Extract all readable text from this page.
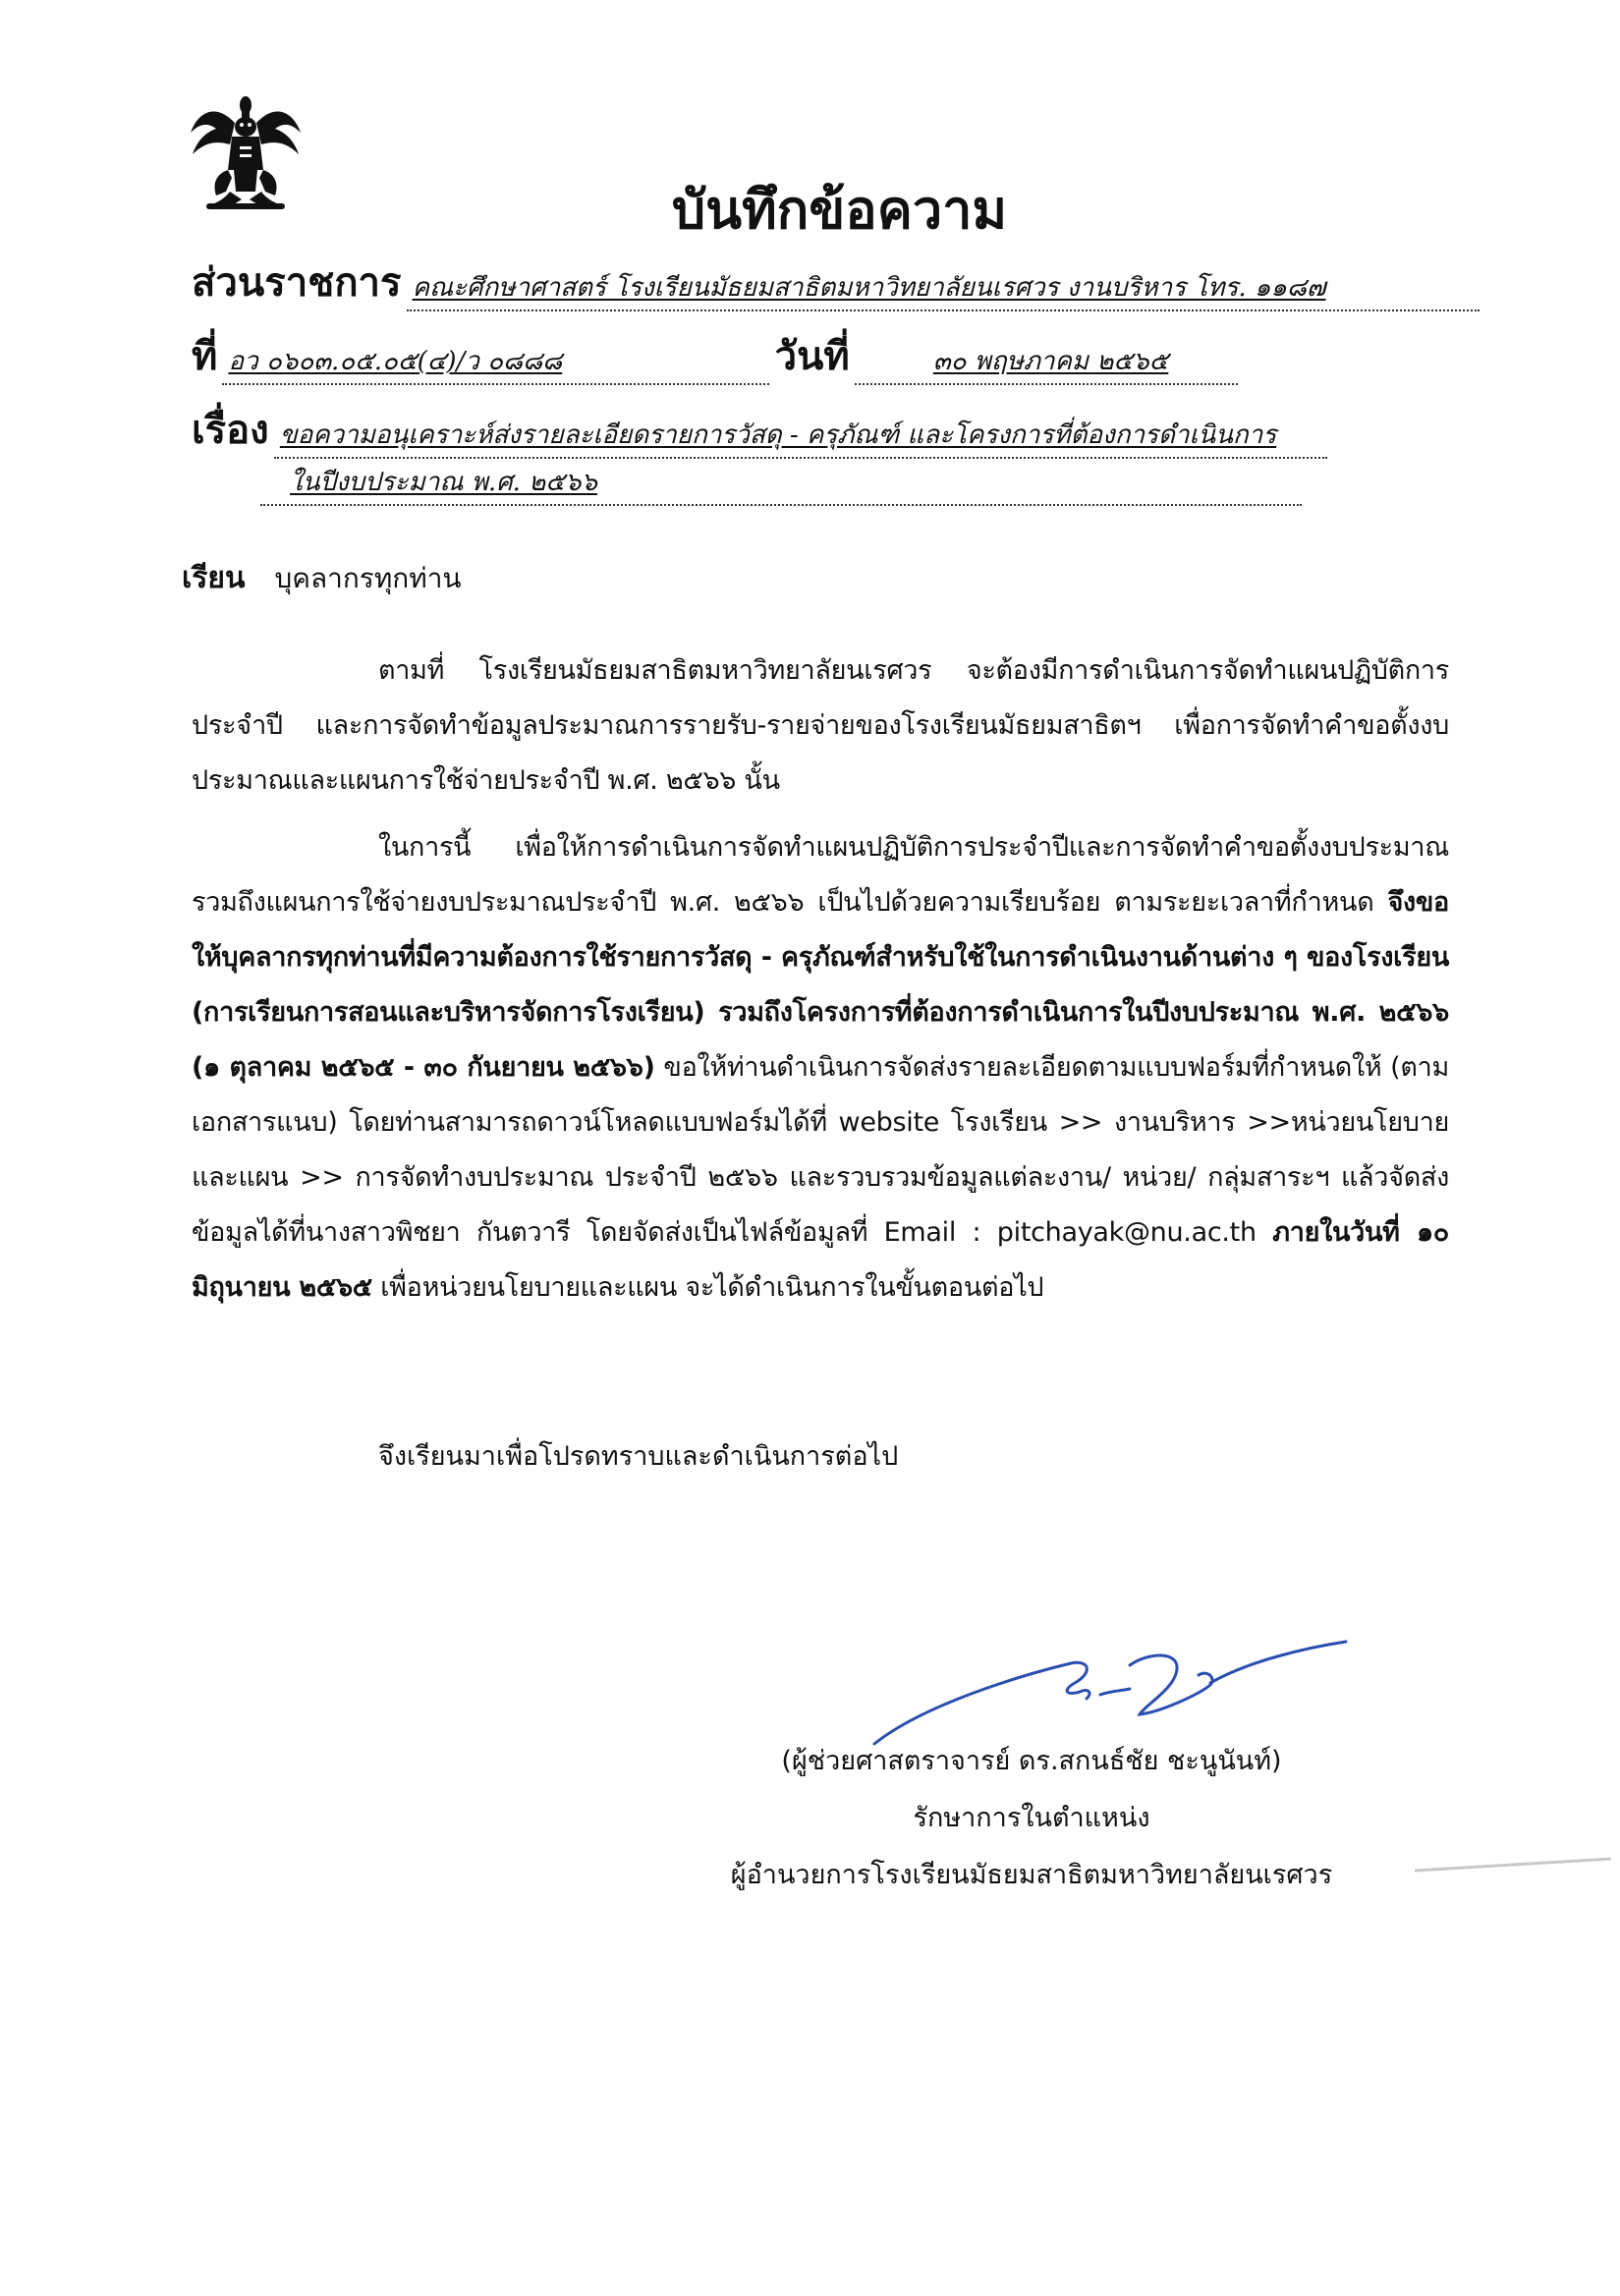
บันทึกข้อความ
ส่วนราชการ คณะศึกษาศาสตร์ โรงเรียนมัธยมสาธิตมหาวิทยาลัยนเรศวร งานบริหาร โทร. ๑๑๘๗
ที่ อว ๐๖๐๓.๐๕.๐๕(๔)/ว ๐๘๘๘	วันที่	๓๐ พฤษภาคม ๒๕๖๕
เรื่อง ขอความอนุเคราะห์ส่งรายละเอียดรายการวัสดุ - ครุภัณฑ์ และโครงการที่ต้องการดำเนินการ
ในปีงบประมาณ พ.ศ. ๒๕๖๖
เรียน บุคลากรทุกท่าน
ตามที่ โรงเรียนมัธยมสาธิตมหาวิทยาลัยนเรศวร จะต้องมีการดำเนินการจัดทำแผนปฏิบัติการประจำปี และการจัดทำข้อมูลประมาณการรายรับ-รายจ่ายของโรงเรียนมัธยมสาธิตฯ เพื่อการจัดทำคำขอตั้งงบประมาณและแผนการใช้จ่ายประจำปี พ.ศ. ๒๕๖๖ นั้น
ในการนี้ เพื่อให้การดำเนินการจัดทำแผนปฏิบัติการประจำปีและการจัดทำคำขอตั้งงบประมาณรวมถึงแผนการใช้จ่ายงบประมาณประจำปี พ.ศ. ๒๕๖๖ เป็นไปด้วยความเรียบร้อย ตามระยะเวลาที่กำหนด จึงขอให้บุคลากรทุกท่านที่มีความต้องการใช้รายการวัสดุ - ครุภัณฑ์สำหรับใช้ในการดำเนินงานด้านต่าง ๆ ของโรงเรียน (การเรียนการสอนและบริหารจัดการโรงเรียน) รวมถึงโครงการที่ต้องการดำเนินการในปีงบประมาณ พ.ศ. ๒๕๖๖ (๑ ตุลาคม ๒๕๖๕ - ๓๐ กันยายน ๒๕๖๖) ขอให้ท่านดำเนินการจัดส่งรายละเอียดตามแบบฟอร์มที่กำหนดให้ (ตามเอกสารแนบ) โดยท่านสามารถดาวน์โหลดแบบฟอร์มได้ที่ website โรงเรียน >> งานบริหาร >>หน่วยนโยบายและแผน >> การจัดทำงบประมาณ ประจำปี ๒๕๖๖ และรวบรวมข้อมูลแต่ละงาน/ หน่วย/ กลุ่มสาระฯ แล้วจัดส่งข้อมูลได้ที่นางสาวพิชยา กันตวารี โดยจัดส่งเป็นไฟล์ข้อมูลที่ Email : pitchayak@nu.ac.th ภายในวันที่ ๑๐ มิถุนายน ๒๕๖๕ เพื่อหน่วยนโยบายและแผน จะได้ดำเนินการในขั้นตอนต่อไป
จึงเรียนมาเพื่อโปรดทราบและดำเนินการต่อไป
(ผู้ช่วยศาสตราจารย์ ดร.สกนธ์ชัย ชะนูนันท์)
รักษาการในตำแหน่ง
ผู้อำนวยการโรงเรียนมัธยมสาธิตมหาวิทยาลัยนเรศวร
